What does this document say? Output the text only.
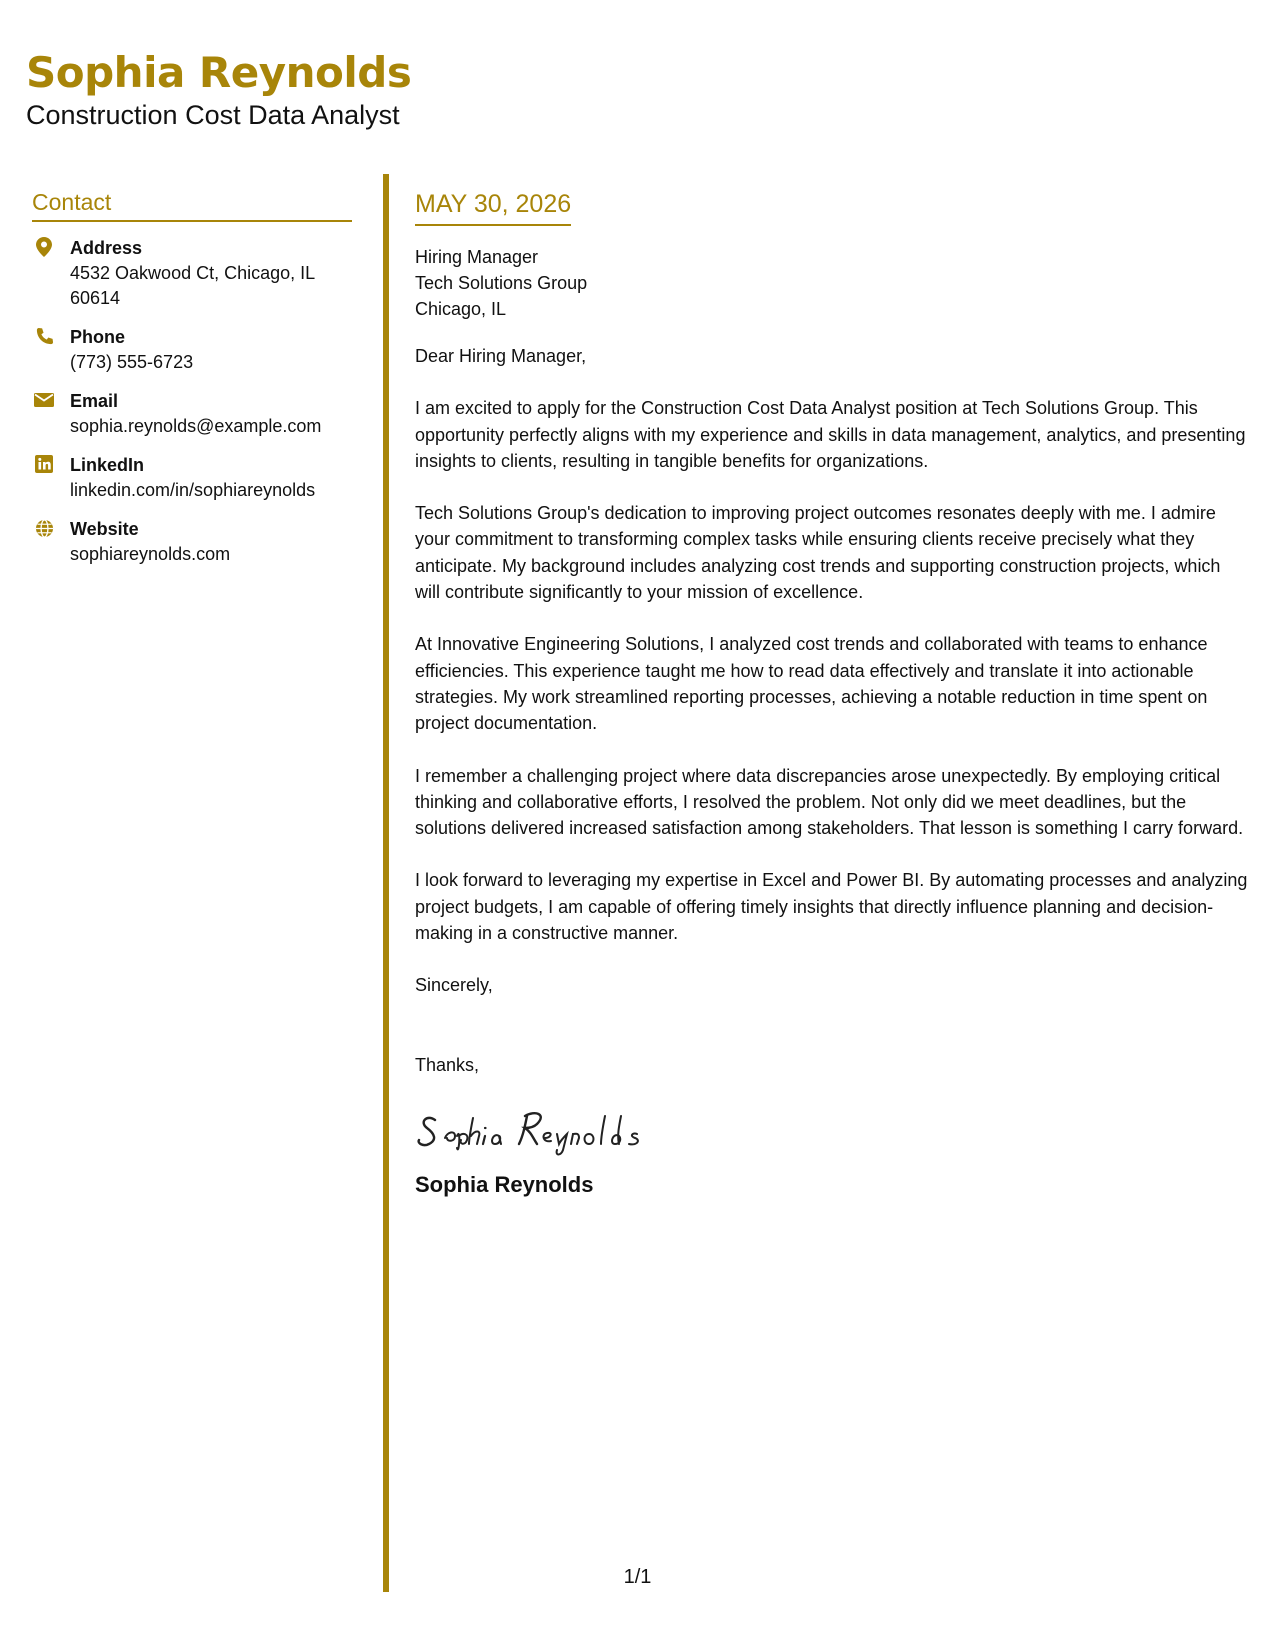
Sophia Reynolds
Construction Cost Data Analyst
Contact
Address
4532 Oakwood Ct, Chicago, IL 60614
Phone
(773) 555-6723
Email
sophia.reynolds@example.com
LinkedIn
linkedin.com/in/sophiareynolds
Website
sophiareynolds.com
MAY 30, 2026
Hiring Manager
Tech Solutions Group
Chicago, IL

Dear Hiring Manager,

I am excited to apply for the Construction Cost Data Analyst position at Tech Solutions Group. This opportunity perfectly aligns with my experience and skills in data management, analytics, and presenting insights to clients, resulting in tangible benefits for organizations.

Tech Solutions Group's dedication to improving project outcomes resonates deeply with me. I admire your commitment to transforming complex tasks while ensuring clients receive precisely what they anticipate. My background includes analyzing cost trends and supporting construction projects, which will contribute significantly to your mission of excellence.

At Innovative Engineering Solutions, I analyzed cost trends and collaborated with teams to enhance efficiencies. This experience taught me how to read data effectively and translate it into actionable strategies. My work streamlined reporting processes, achieving a notable reduction in time spent on project documentation.

I remember a challenging project where data discrepancies arose unexpectedly. By employing critical thinking and collaborative efforts, I resolved the problem. Not only did we meet deadlines, but the solutions delivered increased satisfaction among stakeholders. That lesson is something I carry forward.

I look forward to leveraging my expertise in Excel and Power BI. By automating processes and analyzing project budgets, I am capable of offering timely insights that directly influence planning and decision-making in a constructive manner.

Sincerely,

Thanks,

Sophia Reynolds
1/1
